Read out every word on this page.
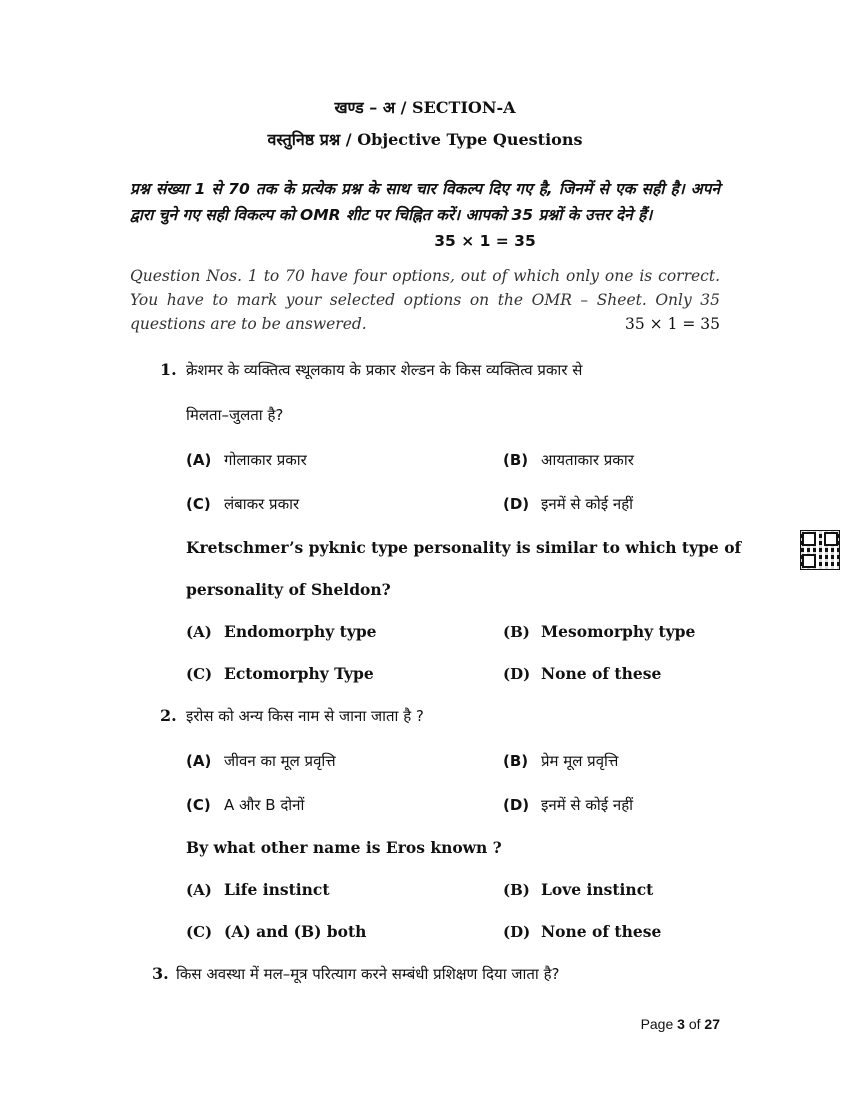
खण्ड – अ / SECTION-A
वस्तुनिष्ठ प्रश्न / Objective Type Questions
प्रश्न संख्या 1 से 70 तक के प्रत्येक प्रश्न के साथ चार विकल्प दिए गए है, जिनमें से एक सही है। अपने द्वारा चुने गए सही विकल्प को OMR शीट पर चिह्नित करें। आपको 35 प्रश्नों के उत्तर देने हैं।
35 × 1 = 35
Question Nos. 1 to 70 have four options, out of which only one is correct. You have to mark your selected options on the OMR – Sheet. Only 35 questions are to be answered.	35 × 1 = 35
1. क्रेशमर के व्यक्तित्व स्थूलकाय के प्रकार शेल्डन के किस व्यक्तित्व प्रकार से
मिलता–जुलता है?
(A) गोलाकार प्रकार	(B) आयताकार प्रकार
(C) लंबाकर प्रकार	(D) इनमें से कोई नहीं
Kretschmer’s pyknic type personality is similar to which type of
personality of Sheldon?
(A) Endomorphy type	(B) Mesomorphy type
(C) Ectomorphy Type	(D) None of these
2. इरोस को अन्य किस नाम से जाना जाता है ?
(A) जीवन का मूल प्रवृत्ति	(B) प्रेम मूल प्रवृत्ति
(C) A और B दोनों	(D) इनमें से कोई नहीं
By what other name is Eros known ?
(A) Life instinct	(B) Love instinct
(C) (A) and (B) both	(D) None of these
3. किस अवस्था में मल–मूत्र परित्याग करने सम्बंधी प्रशिक्षण दिया जाता है?
Page 3 of 27
